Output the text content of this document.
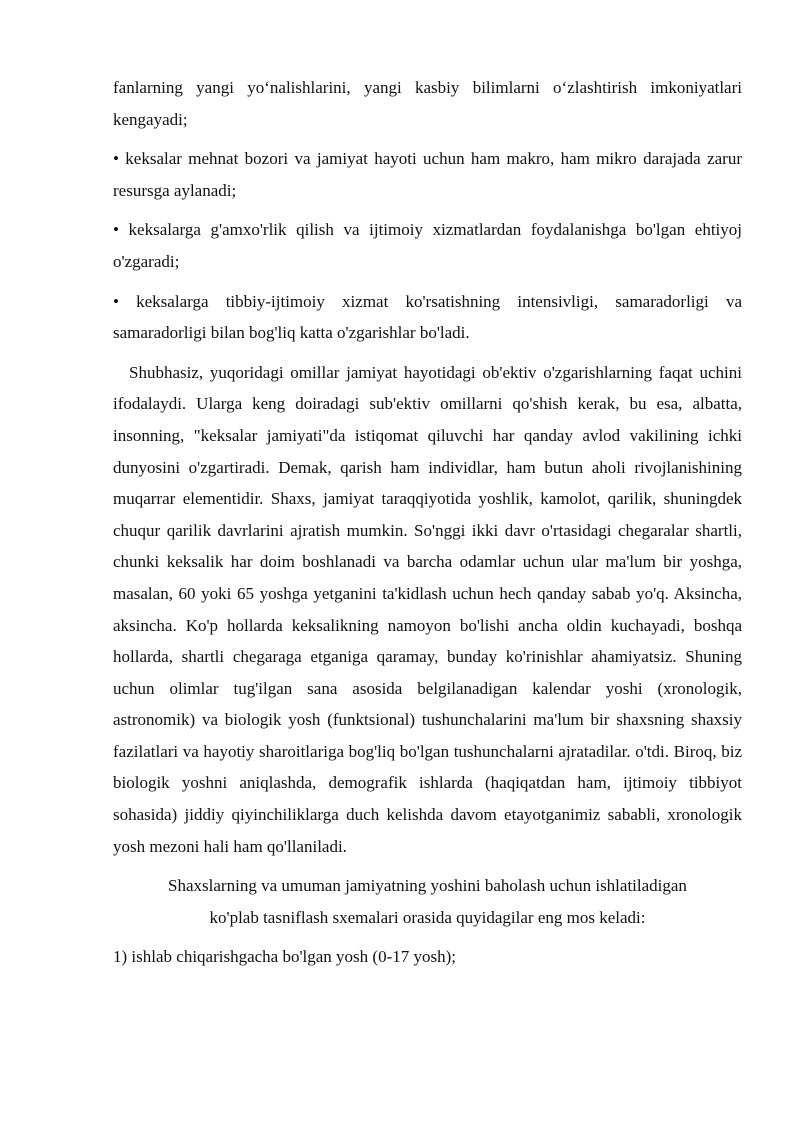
fanlarning yangi yo‘nalishlarini, yangi kasbiy bilimlarni o‘zlashtirish imkoniyatlari kengayadi;

• keksalar mehnat bozori va jamiyat hayoti uchun ham makro, ham mikro darajada zarur resursga aylanadi;

• keksalarga g'amxo'rlik qilish va ijtimoiy xizmatlardan foydalanishga bo'lgan ehtiyoj o'zgaradi;

• keksalarga tibbiy-ijtimoiy xizmat ko'rsatishning intensivligi, samaradorligi va samaradorligi bilan bog'liq katta o'zgarishlar bo'ladi.

Shubhasiz, yuqoridagi omillar jamiyat hayotidagi ob'ektiv o'zgarishlarning faqat uchini ifodalaydi. Ularga keng doiradagi sub'ektiv omillarni qo'shish kerak, bu esa, albatta, insonning, "keksalar jamiyati"da istiqomat qiluvchi har qanday avlod vakilining ichki dunyosini o'zgartiradi. Demak, qarish ham individlar, ham butun aholi rivojlanishining muqarrar elementidir. Shaxs, jamiyat taraqqiyotida yoshlik, kamolot, qarilik, shuningdek chuqur qarilik davrlarini ajratish mumkin. So'nggi ikki davr o'rtasidagi chegaralar shartli, chunki keksalik har doim boshlanadi va barcha odamlar uchun ular ma'lum bir yoshga, masalan, 60 yoki 65 yoshga yetganini ta'kidlash uchun hech qanday sabab yo'q. Aksincha, aksincha. Ko'p hollarda keksalikning namoyon bo'lishi ancha oldin kuchayadi, boshqa hollarda, shartli chegaraga etganiga qaramay, bunday ko'rinishlar ahamiyatsiz. Shuning uchun olimlar tug'ilgan sana asosida belgilanadigan kalendar yoshi (xronologik, astronomik) va biologik yosh (funktsional) tushunchalarini ma'lum bir shaxsning shaxsiy fazilatlari va hayotiy sharoitlariga bog'liq bo'lgan tushunchalarni ajratadilar. o'tdi. Biroq, biz biologik yoshni aniqlashda, demografik ishlarda (haqiqatdan ham, ijtimoiy tibbiyot sohasida) jiddiy qiyinchiliklarga duch kelishda davom etayotganimiz sababli, xronologik yosh mezoni hali ham qo'llaniladi.

Shaxslarning va umuman jamiyatning yoshini baholash uchun ishlatiladigan
ko'plab tasniflash sxemalari orasida quyidagilar eng mos keladi:

1) ishlab chiqarishgacha bo'lgan yosh (0-17 yosh);
